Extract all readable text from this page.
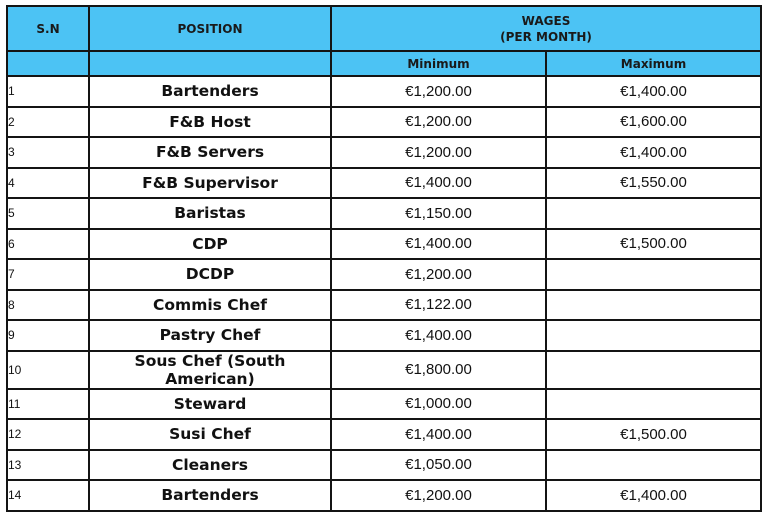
S.N	POSITION	WAGES
(PER MONTH)	

		Minimum	Maximum
1	Bartenders	€1,200.00	€1,400.00
2	F&B Host	€1,200.00	€1,600.00
3	F&B Servers	€1,200.00	€1,400.00
4	F&B Supervisor	€1,400.00	€1,550.00
5	Baristas	€1,150.00	
6	CDP	€1,400.00	€1,500.00
7	DCDP	€1,200.00	
8	Commis Chef	€1,122.00	
9	Pastry Chef	€1,400.00	
10	Sous Chef (South American)	€1,800.00	
11	Steward	€1,000.00	
12	Susi Chef	€1,400.00	€1,500.00
13	Cleaners	€1,050.00	
14	Bartenders	€1,200.00	€1,400.00
